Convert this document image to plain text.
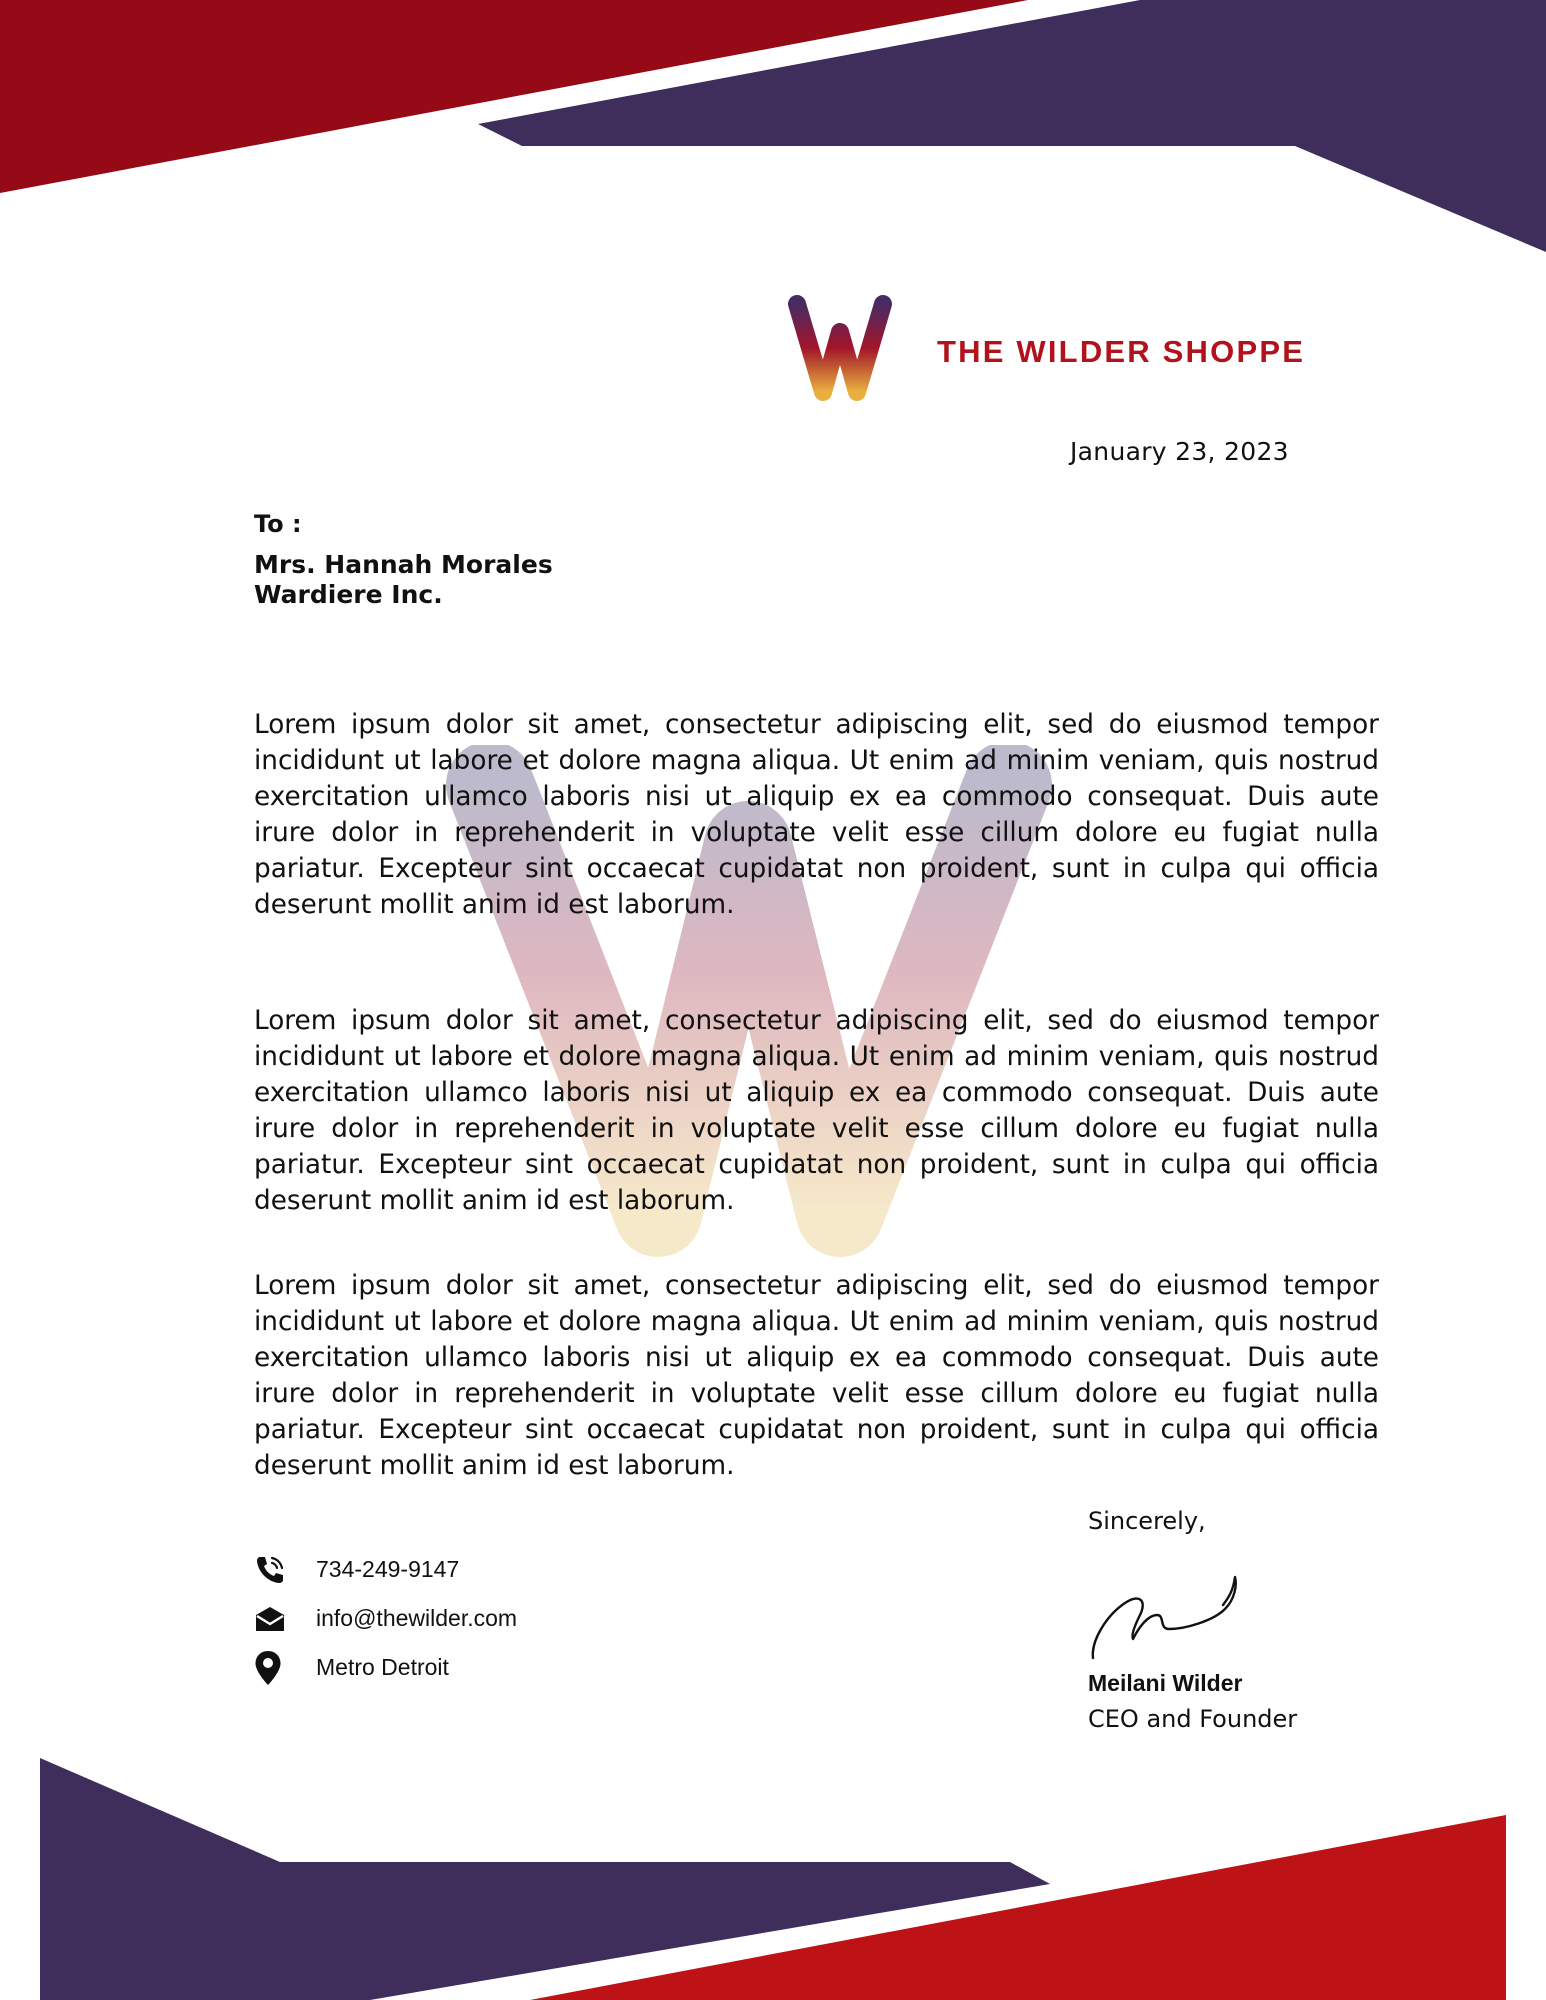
THE WILDER SHOPPE
January 23, 2023
To :
Mrs. Hannah Morales
Wardiere Inc.

Lorem ipsum dolor sit amet, consectetur adipiscing elit, sed do eiusmod tempor incididunt ut labore et dolore magna aliqua. Ut enim ad minim veniam, quis nostrud exercitation ullamco laboris nisi ut aliquip ex ea commodo consequat. Duis aute irure dolor in reprehenderit in voluptate velit esse cillum dolore eu fugiat nulla pariatur. Excepteur sint occaecat cupidatat non proident, sunt in culpa qui officia deserunt mollit anim id est laborum.

Lorem ipsum dolor sit amet, consectetur adipiscing elit, sed do eiusmod tempor incididunt ut labore et dolore magna aliqua. Ut enim ad minim veniam, quis nostrud exercitation ullamco laboris nisi ut aliquip ex ea commodo consequat. Duis aute irure dolor in reprehenderit in voluptate velit esse cillum dolore eu fugiat nulla pariatur. Excepteur sint occaecat cupidatat non proident, sunt in culpa qui officia deserunt mollit anim id est laborum.

Lorem ipsum dolor sit amet, consectetur adipiscing elit, sed do eiusmod tempor incididunt ut labore et dolore magna aliqua. Ut enim ad minim veniam, quis nostrud exercitation ullamco laboris nisi ut aliquip ex ea commodo consequat. Duis aute irure dolor in reprehenderit in voluptate velit esse cillum dolore eu fugiat nulla pariatur. Excepteur sint occaecat cupidatat non proident, sunt in culpa qui officia deserunt mollit anim id est laborum.

734-249-9147
info@thewilder.com
Metro Detroit
Sincerely,
Meilani Wilder
CEO and Founder
